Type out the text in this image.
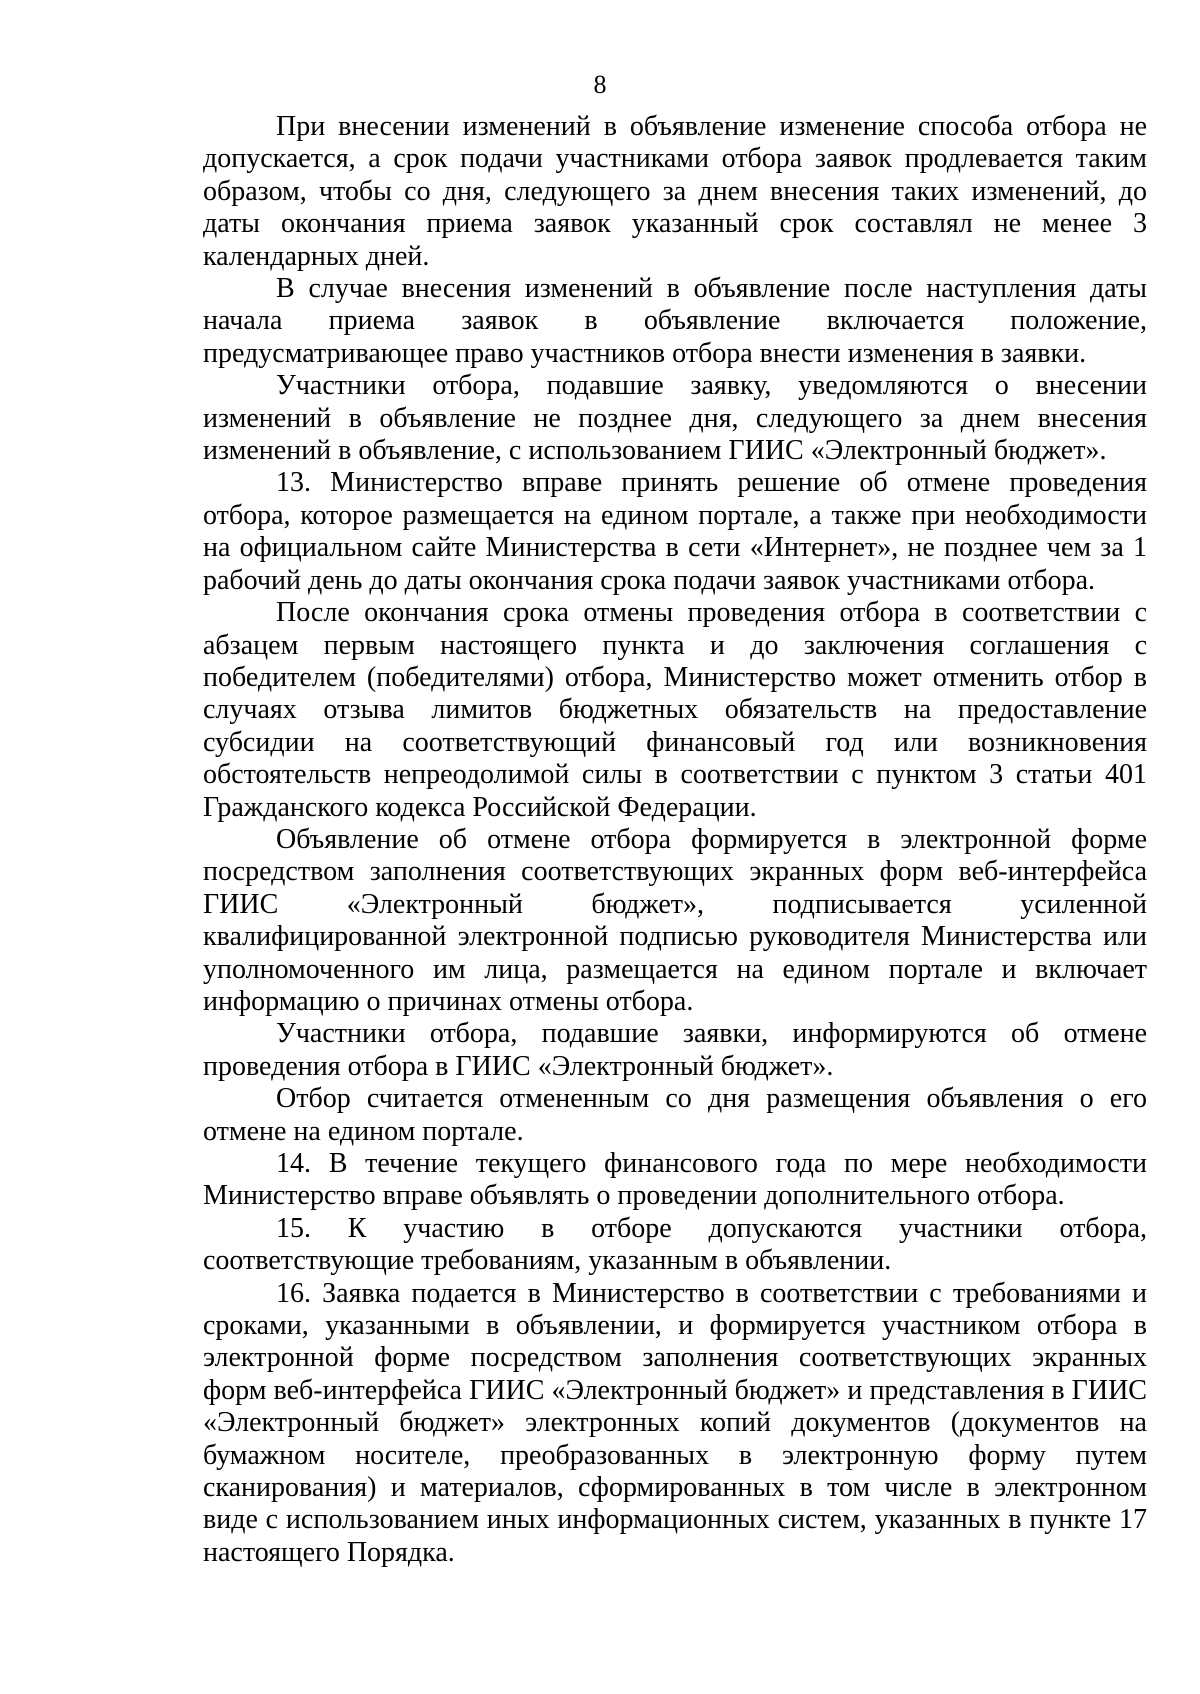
8

При внесении изменений в объявление изменение способа отбора не допускается, а срок подачи участниками отбора заявок продлевается таким образом, чтобы со дня, следующего за днем внесения таких изменений, до даты окончания приема заявок указанный срок составлял не менее 3 календарных дней.

В случае внесения изменений в объявление после наступления даты начала приема заявок в объявление включается положение, предусматривающее право участников отбора внести изменения в заявки.

Участники отбора, подавшие заявку, уведомляются о внесении изменений в объявление не позднее дня, следующего за днем внесения изменений в объявление, с использованием ГИИС «Электронный бюджет».

13. Министерство вправе принять решение об отмене проведения отбора, которое размещается на едином портале, а также при необходимости на официальном сайте Министерства в сети «Интернет», не позднее чем за 1 рабочий день до даты окончания срока подачи заявок участниками отбора.

После окончания срока отмены проведения отбора в соответствии с абзацем первым настоящего пункта и до заключения соглашения с победителем (победителями) отбора, Министерство может отменить отбор в случаях отзыва лимитов бюджетных обязательств на предоставление субсидии на соответствующий финансовый год или возникновения обстоятельств непреодолимой силы в соответствии с пунктом 3 статьи 401 Гражданского кодекса Российской Федерации.

Объявление об отмене отбора формируется в электронной форме посредством заполнения соответствующих экранных форм веб-интерфейса ГИИС «Электронный бюджет», подписывается усиленной квалифицированной электронной подписью руководителя Министерства или уполномоченного им лица, размещается на едином портале и включает информацию о причинах отмены отбора.

Участники отбора, подавшие заявки, информируются об отмене проведения отбора в ГИИС «Электронный бюджет».

Отбор считается отмененным со дня размещения объявления о его отмене на едином портале.

14. В течение текущего финансового года по мере необходимости Министерство вправе объявлять о проведении дополнительного отбора.

15. К участию в отборе допускаются участники отбора, соответствующие требованиям, указанным в объявлении.

16. Заявка подается в Министерство в соответствии с требованиями и сроками, указанными в объявлении, и формируется участником отбора в электронной форме посредством заполнения соответствующих экранных форм веб-интерфейса ГИИС «Электронный бюджет» и представления в ГИИС «Электронный бюджет» электронных копий документов (документов на бумажном носителе, преобразованных в электронную форму путем сканирования) и материалов, сформированных в том числе в электронном виде с использованием иных информационных систем, указанных в пункте 17 настоящего Порядка.
